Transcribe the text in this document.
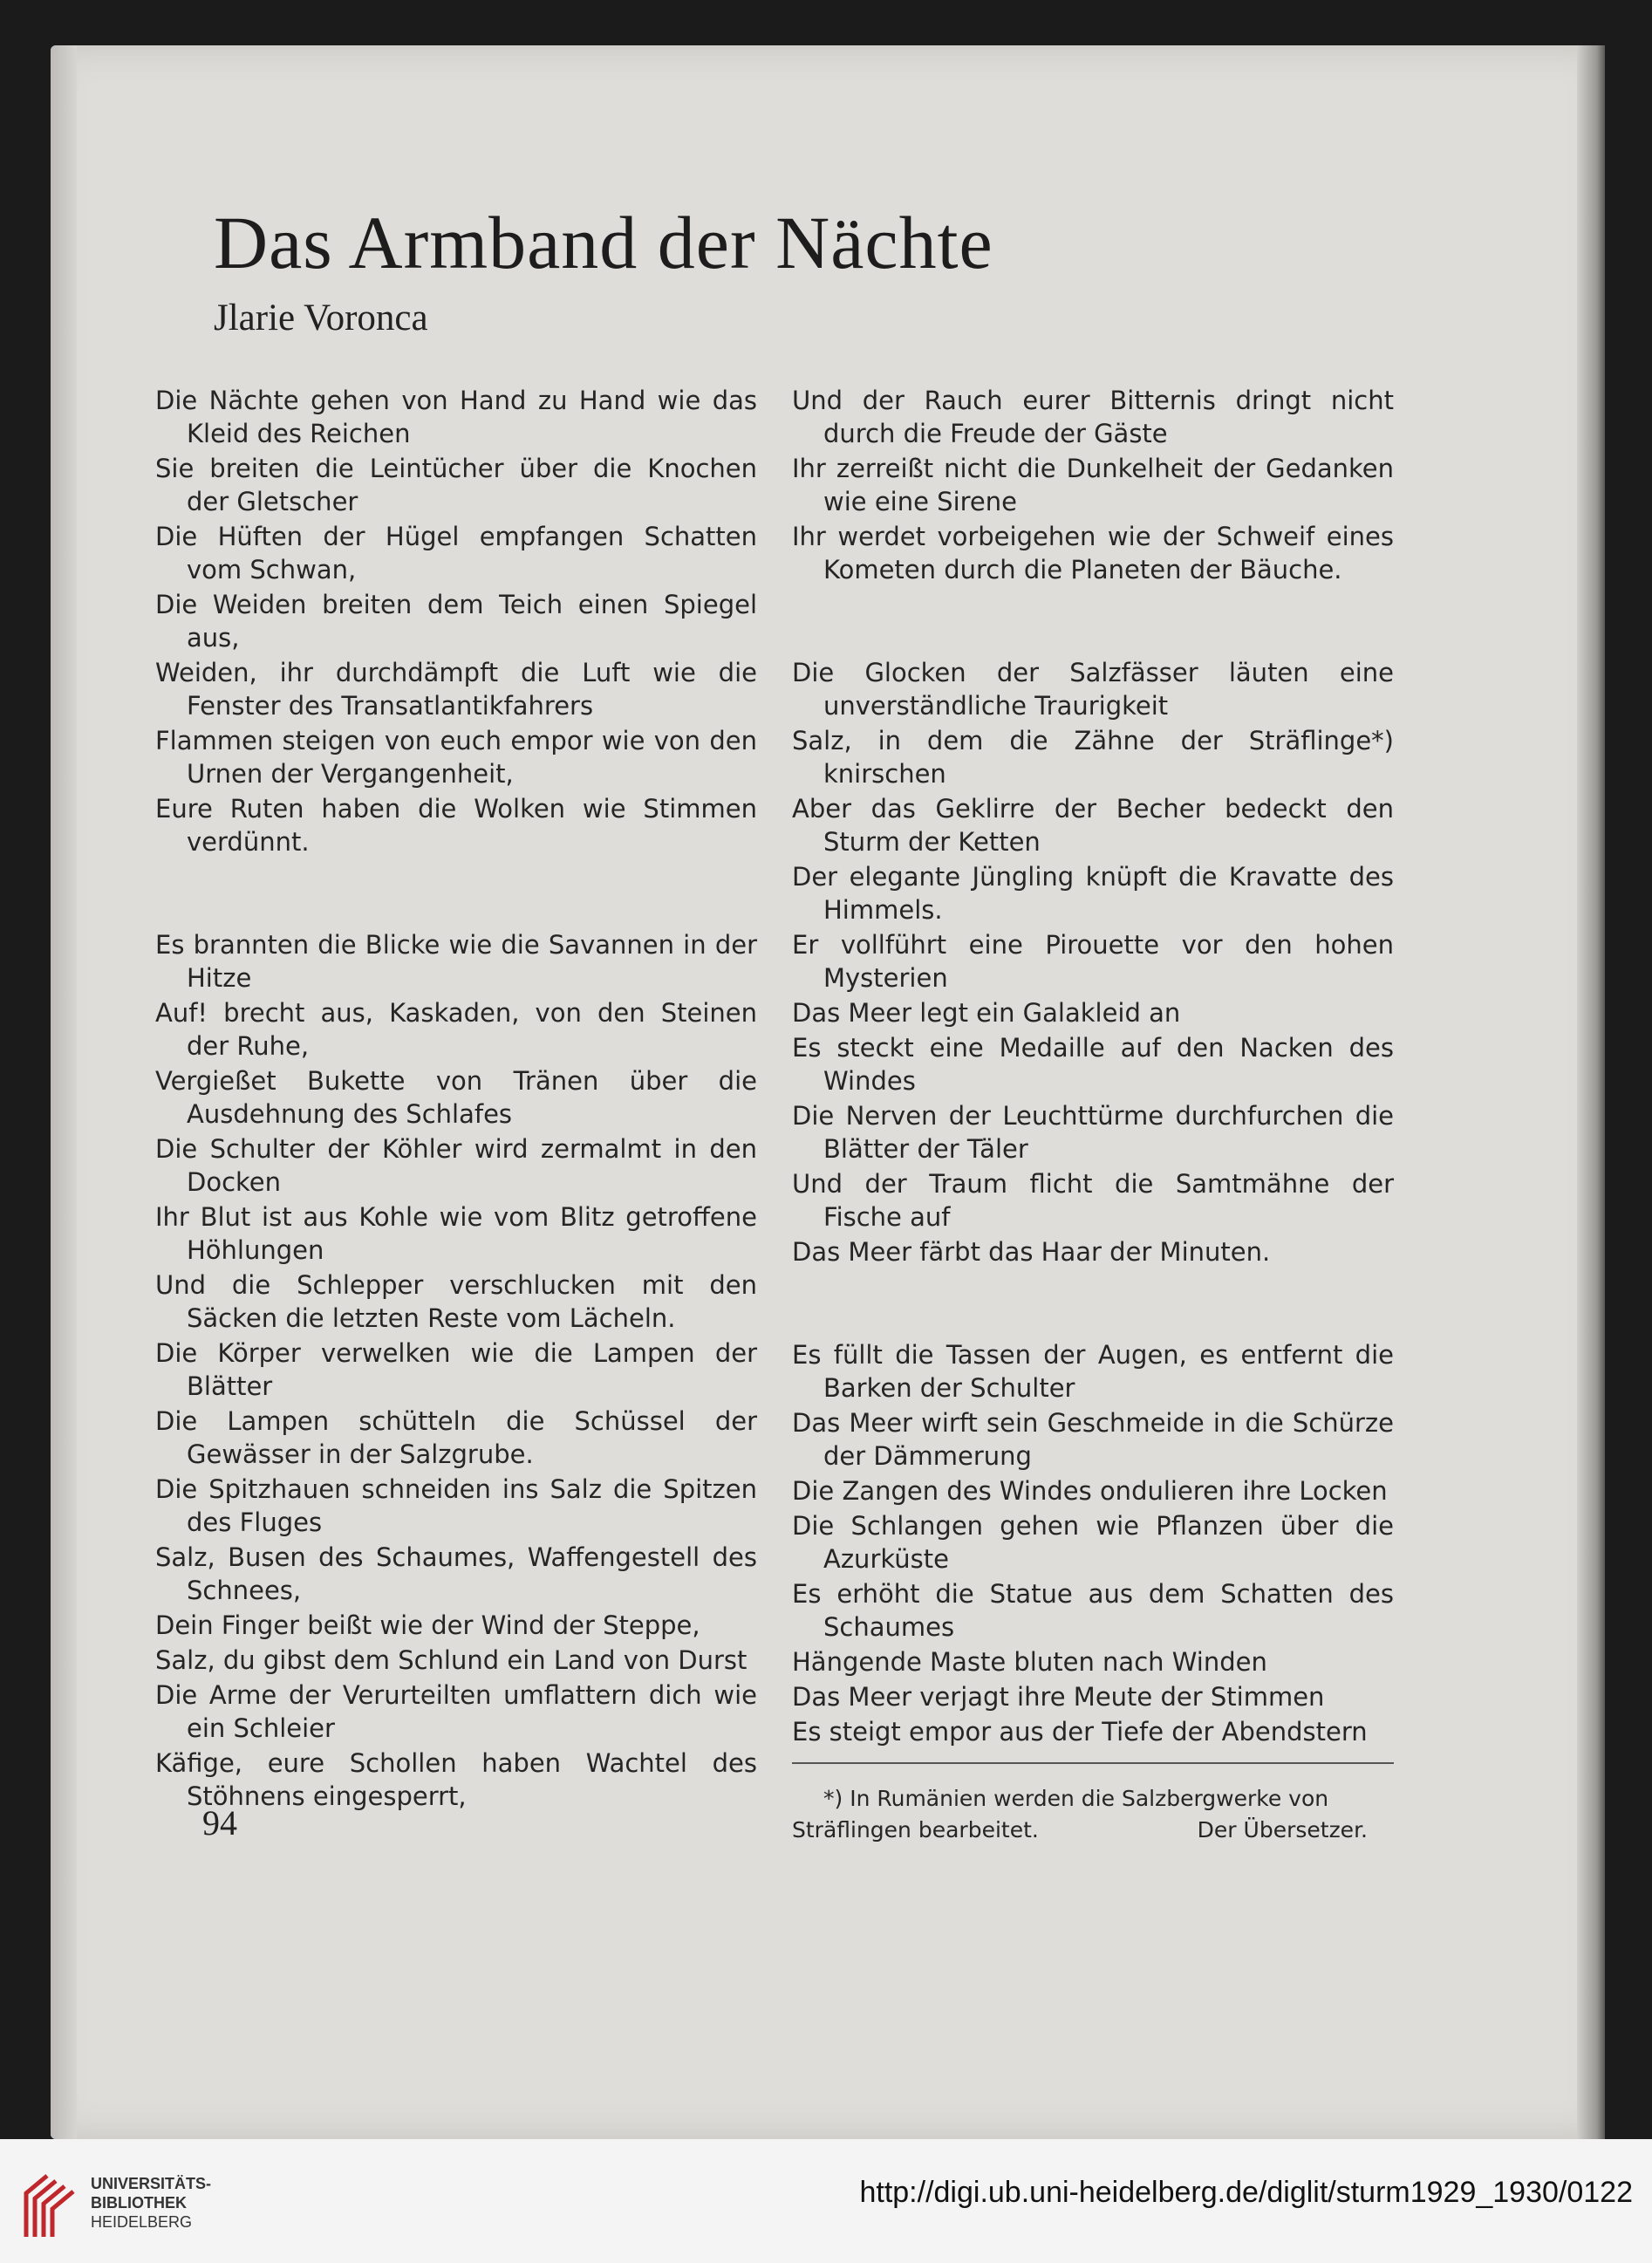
Das Armband der Nächte
Jlarie Voronca
Die Nächte gehen von Hand zu Hand wie das Kleid des Reichen
Sie breiten die Leintücher über die Knochen der Gletscher
Die Hüften der Hügel empfangen Schatten vom Schwan,
Die Weiden breiten dem Teich einen Spiegel aus,
Weiden, ihr durchdämpft die Luft wie die Fenster des Transatlantikfahrers
Flammen steigen von euch empor wie von den Urnen der Vergangenheit,
Eure Ruten haben die Wolken wie Stimmen verdünnt.
Es brannten die Blicke wie die Savannen in der Hitze
Auf! brecht aus, Kaskaden, von den Steinen der Ruhe,
Vergießet Bukette von Tränen über die Ausdehnung des Schlafes
Die Schulter der Köhler wird zermalmt in den Docken
Ihr Blut ist aus Kohle wie vom Blitz getroffene Höhlungen
Und die Schlepper verschlucken mit den Säcken die letzten Reste vom Lächeln.
Die Körper verwelken wie die Lampen der Blätter
Die Lampen schütteln die Schüssel der Gewässer in der Salzgrube.
Die Spitzhauen schneiden ins Salz die Spitzen des Fluges
Salz, Busen des Schaumes, Waffengestell des Schnees,
Dein Finger beißt wie der Wind der Steppe,
Salz, du gibst dem Schlund ein Land von Durst
Die Arme der Verurteilten umflattern dich wie ein Schleier
Käfige, eure Schollen haben Wachtel des Stöhnens eingesperrt,
Und der Rauch eurer Bitternis dringt nicht durch die Freude der Gäste
Ihr zerreißt nicht die Dunkelheit der Gedanken wie eine Sirene
Ihr werdet vorbeigehen wie der Schweif eines Kometen durch die Planeten der Bäuche.
Die Glocken der Salzfässer läuten eine unverständliche Traurigkeit
Salz, in dem die Zähne der Sträflinge*) knirschen
Aber das Geklirre der Becher bedeckt den Sturm der Ketten
Der elegante Jüngling knüpft die Kravatte des Himmels.
Er vollführt eine Pirouette vor den hohen Mysterien
Das Meer legt ein Galakleid an
Es steckt eine Medaille auf den Nacken des Windes
Die Nerven der Leuchttürme durchfurchen die Blätter der Täler
Und der Traum flicht die Samtmähne der Fische auf
Das Meer färbt das Haar der Minuten.
Es füllt die Tassen der Augen, es entfernt die Barken der Schulter
Das Meer wirft sein Geschmeide in die Schürze der Dämmerung
Die Zangen des Windes ondulieren ihre Locken
Die Schlangen gehen wie Pflanzen über die Azurküste
Es erhöht die Statue aus dem Schatten des Schaumes
Hängende Maste bluten nach Winden
Das Meer verjagt ihre Meute der Stimmen
Es steigt empor aus der Tiefe der Abendstern
*) In Rumänien werden die Salzbergwerke von Sträflingen bearbeitet.	Der Übersetzer.
94
UNIVERSITÄTS-
BIBLIOTHEK
HEIDELBERG
http://digi.ub.uni-heidelberg.de/diglit/sturm1929_1930/0122
